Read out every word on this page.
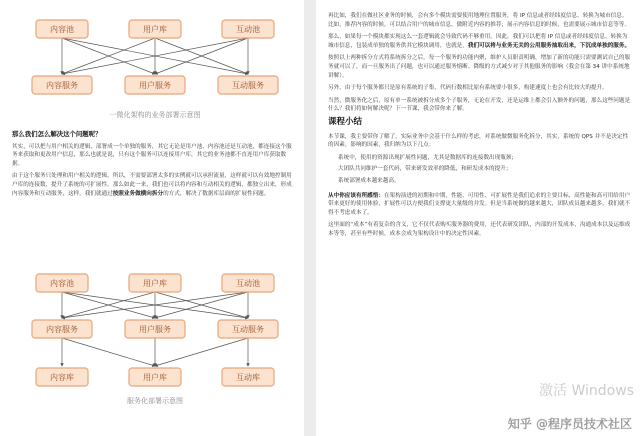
内容池	用户库	互动池
内容服务	用户服务	互动服务
一微化架构的业务部署示意图
那么我们怎么解决这个问题呢？

其实，可以把与用户相关的逻辑，部署成一个单独的服务，其它无论是用户池、内容池还是互动池，都连接这个服务来获取和更改用户信息，那么也就是说，只有这个服务可以连接用户库，其它的业务池都不直连用户库获取数据。

由于这个服务只处理和用户相关的逻辑，所以，不需要部署太多的实例就可以承担流量，这样就可以有效地控制用户库的连接数，提升了系统的可扩展性。那么如此一来，我们也可以将内容和互动相关的逻辑，都独立出来，形成内容服务和互动服务，这样，我们就通过按照业务做横向拆分的方式，解决了数据库层面的扩展性问题。

内容池	用户库	互动池
内容服务	用户服务	互动服务
内容库	用户库	互动库
服务化部署示意图

再比如，我们在做社区业务的时候，会有多个模块需要使用地理位置服务，将 IP 信息或者经纬度信息，转换为城市信息。比如，推荐内容的时候，可以结合用户的城市信息，做附近内容的推荐；展示内容信息的时候，也需要展示城市信息等等。

那么，如果每一个模块都实现这么一套逻辑就会导致代码不够重用。因此，我们可以把将 IP 信息或者经纬度信息，转换为城市信息，包装成单独的服务供其它模块调用，也就是，我们可以将与业务无关的公用服务抽取出来，下沉成单独的服务。

按照以上两种拆分方式将系统拆分之后，每一个服务的功能内聚，维护人员职责明确，增加了新的功能只需要测试自己的服务就可以了，而一旦服务出了问题，也可以通过服务熔断、降级的方式减少对于其他服务的影响（我会在第 34 讲中系统地讲解）。

另外，由于每个服务都只是原有系统的子集，代码行数相比原有系统要小很多，构建速度上也会有比较大的提升。

当然，微服务化之后，原有单一系统被拆分成多个子服务，无论在开发，还是运维上都会引入额外的问题，那么这些问题是什么？我们将如何解决呢？下一节课，我会带你来了解。

课程小结

本节课，我主要带你了解了，实际业务中会基于什么样的考虑，对系统做微服务化拆分，其实，系统的 QPS 并不是决定性的因素。影响的因素，我归纳为以下几点：

系统中，使用的资源出现扩展性问题，尤其是数据库的连接数出现瓶颈；
大团队共同维护一套代码，带来研发效率的降低，和研发成本的提升；
系统部署成本越来越高。

从中你应该有所感悟：在架构演进的初期和中期，性能、可用性、可扩展性是我们追求的主要目标，高性能和高可用给用户带来更好的使用体验，扩展性可以方便我们支撑更大量级的并发。但是当系统做的越来越大，团队成员越来越多，我们就不得不考虑成本了。

这里面的“成本”有着复杂的含义，它不仅代表购买服务器的费用，还代表研发团队，内部的开发成本，沟通成本以及运维成本等等，甚至有些时候，成本会成为架构设计中的决定性因素。

激活 Windows
知乎 @程序员技术社区
